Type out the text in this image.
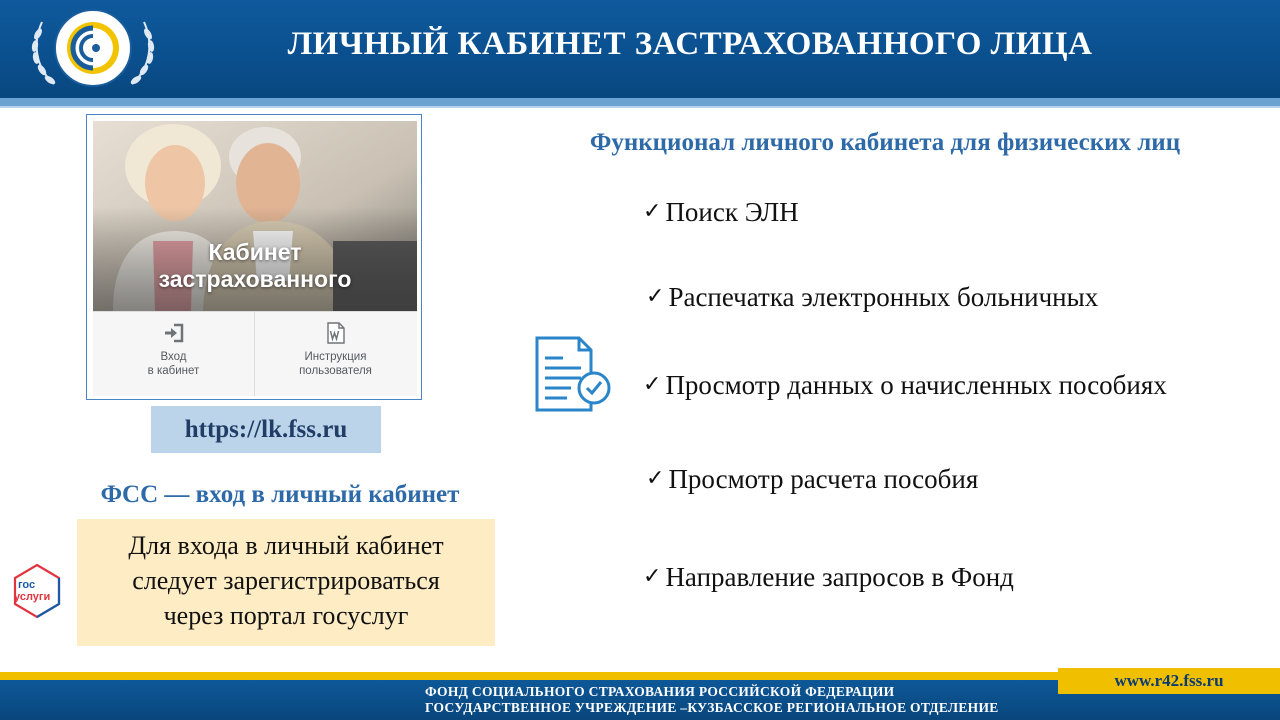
ЛИЧНЫЙ КАБИНЕТ ЗАСТРАХОВАННОГО ЛИЦА
Кабинет
застрахованного
Вход
в кабинет
Инструкция
пользователя
https://lk.fss.ru
ФСС — вход в личный кабинет
гос
услуги
Для входа в личный кабинет
следует зарегистрироваться
через портал госуслуг
Функционал личного кабинета для физических лиц
✓ Поиск ЭЛН
✓ Распечатка электронных больничных
✓ Просмотр данных о начисленных пособиях
✓ Просмотр расчета пособия
✓ Направление запросов в Фонд
www.r42.fss.ru
ФОНД СОЦИАЛЬНОГО СТРАХОВАНИЯ РОССИЙСКОЙ ФЕДЕРАЦИИ
ГОСУДАРСТВЕННОЕ УЧРЕЖДЕНИЕ –КУЗБАССКОЕ РЕГИОНАЛЬНОЕ ОТДЕЛЕНИЕ
